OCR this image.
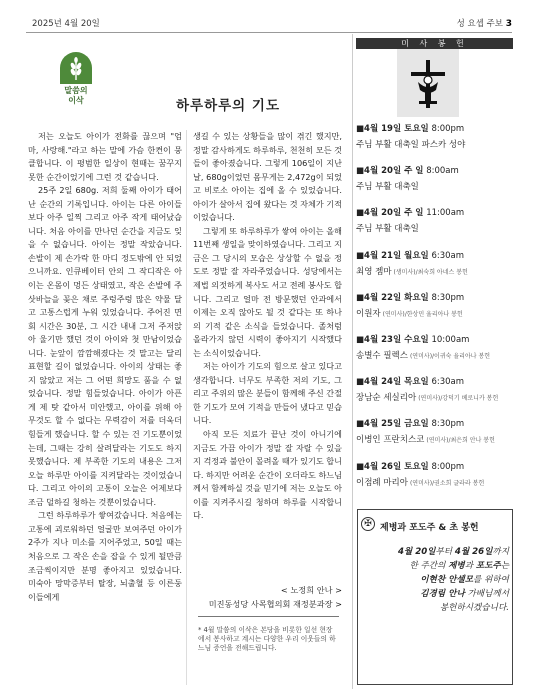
2025년 4월 20일	성 요셉 주보 3
말씀의
이삭	하루하루의 기도

저는 오늘도 아이가 전화를 끊으며 "엄마, 사랑해."라고 하는 말에 가슴 한켠이 뭉클합니다. 이 평범한 일상이 현때는 꿈꾸지 못한 순간이었기에 그런 것 같습니다.

25주 2일 680g. 저희 둘째 아이가 태어난 순간의 기록입니다. 아이는 다른 아이들보다 아주 일찍 그리고 아주 작게 태어났습니다. 처음 아이를 만나던 순간을 지금도 잊을 수 없습니다. 아이는 정말 작았습니다. 손발이 제 손가락 한 마디 정도밖에 안 되었으니까요. 인큐베이터 안의 그 작디작은 아이는 온몸이 멍든 상태였고, 작은 손발에 주삿바늘을 꽂은 채로 주렁주렁 많은 약물 달고 고통스럽게 누워 있었습니다. 주어진 면회 시간은 30분, 그 시간 내내 그저 주저앉아 울기만 했던 것이 아이와 첫 만남이었습니다. 눈앞이 깜깜해졌다는 것 말고는 달리 표현할 길이 없었습니다. 아이의 상태는 좋지 않았고 저는 그 어떤 희망도 품을 수 없었습니다. 정말 힘들었습니다. 아이가 아픈 게 제 탓 같아서 미안했고, 아이를 위해 아무것도 할 수 없다는 무력감이 저를 더욱더 힘들게 했습니다. 할 수 있는 건 기도뿐이었는데, 그때는 강히 살려달라는 기도도 하지 못했습니다. 제 부족한 기도의 내용은 그저 오늘 하루만 아이를 지켜달라는 것이었습니다. 그리고 아이의 고통이 오늘은 어제보다 조금 덜하길 청하는 것뿐이었습니다.

그런 하루하루가 쌓여갔습니다. 처음에는 고통에 괴로워하던 얼굴만 보여주던 아이가 2주가 지나 미소를 지어주었고, 50일 때는 처음으로 그 작은 손을 잡을 수 있게 될만큼 조금씩이지만 분명 좋아지고 있었습니다. 미숙아 망막증부터 탈장, 뇌출혈 등 이른둥이들에게

생길 수 있는 상황들을 많이 겪긴 했지만, 정말 감사하게도 하루하루, 천천히 모든 것들이 좋아졌습니다. 그렇게 106일이 지난 날, 680g이었던 몸무게는 2,472g이 되었고 비로소 아이는 집에 올 수 있었습니다. 아이가 살아서 집에 왔다는 것 자체가 기적이었습니다.

그렇게 또 하루하루가 쌓여 아이는 올해 11번째 생일을 맞이하였습니다. 그리고 지금은 그 당시의 모습은 상상할 수 없을 정도로 정말 잘 자라주었습니다. 성당에서는 제법 의젓하게 복사도 서고 전례 봉사도 합니다. 그리고 얼마 전 방문했던 안과에서 이제는 오직 않아도 될 것 같다는 또 하나의 기적 같은 소식을 들었습니다. 졸처럼 올라가지 않던 시력이 좋아지기 시작했다는 소식이었습니다.

저는 아이가 기도의 힘으로 살고 있다고 생각합니다. 너무도 부족한 저의 기도, 그리고 주위의 많은 분들이 함께해 주신 간절한 기도가 모여 기적을 만들어 냈다고 믿습니다.

아직 모든 치료가 끝난 것이 아니기에 지금도 가끔 아이가 정말 잘 자랄 수 있을지 걱정과 불안이 몰려올 때가 있기도 합니다. 하지만 어려운 순간이 오더라도 하느님께서 함께하실 것을 믿기에 저는 오늘도 아이를 지켜주시길 청하며 하루를 시작합니다.

< 노정희 안나 >
미진동성당 사목협의회 재정분과장 >
* 4월 말씀의 이삭은 본당을 비롯한 일선 현장에서 봉사하고 계시는 다양한 우리 이웃들의 하느님 증언을 전해드립니다.
미 사 봉 헌
■4월 19일 토요일 8:00pm
주님 부활 대축일 파스카 성야
■4월 20일 주 일 8:00am
주님 부활 대축일
■4월 20일 주 일 11:00am
주님 부활 대축일
■4월 21일 월요일 6:30am
최영 젬마 (생미사)/최숙희 아네스 봉헌
■4월 22일 화요일 8:30pm
이원자 (연미사)/한상민 율리아나 봉헌
■4월 23일 수요일 10:00am
송별수 필렉스 (연미사)/이귀숙 율리아나 봉헌
■4월 24일 목요일 6:30am
장남순 세실리아 (연미사)/강덕기 베로니카 봉헌
■4월 25일 금요일 8:30pm
이병인 프란치스코 (연미사)/최은희 안나 봉헌
■4월 26일 토요일 8:00pm
이점례 마리아 (연미사)/권소희 글라라 봉헌
✠ 제병과 포도주 & 초 봉헌
4월 20일부터 4월 26일까지
한 주간의 제병과 포도주는
이현찬 안셀모를 위하여
김경림 안나 가배님께서
봉헌하시겠습니다.
